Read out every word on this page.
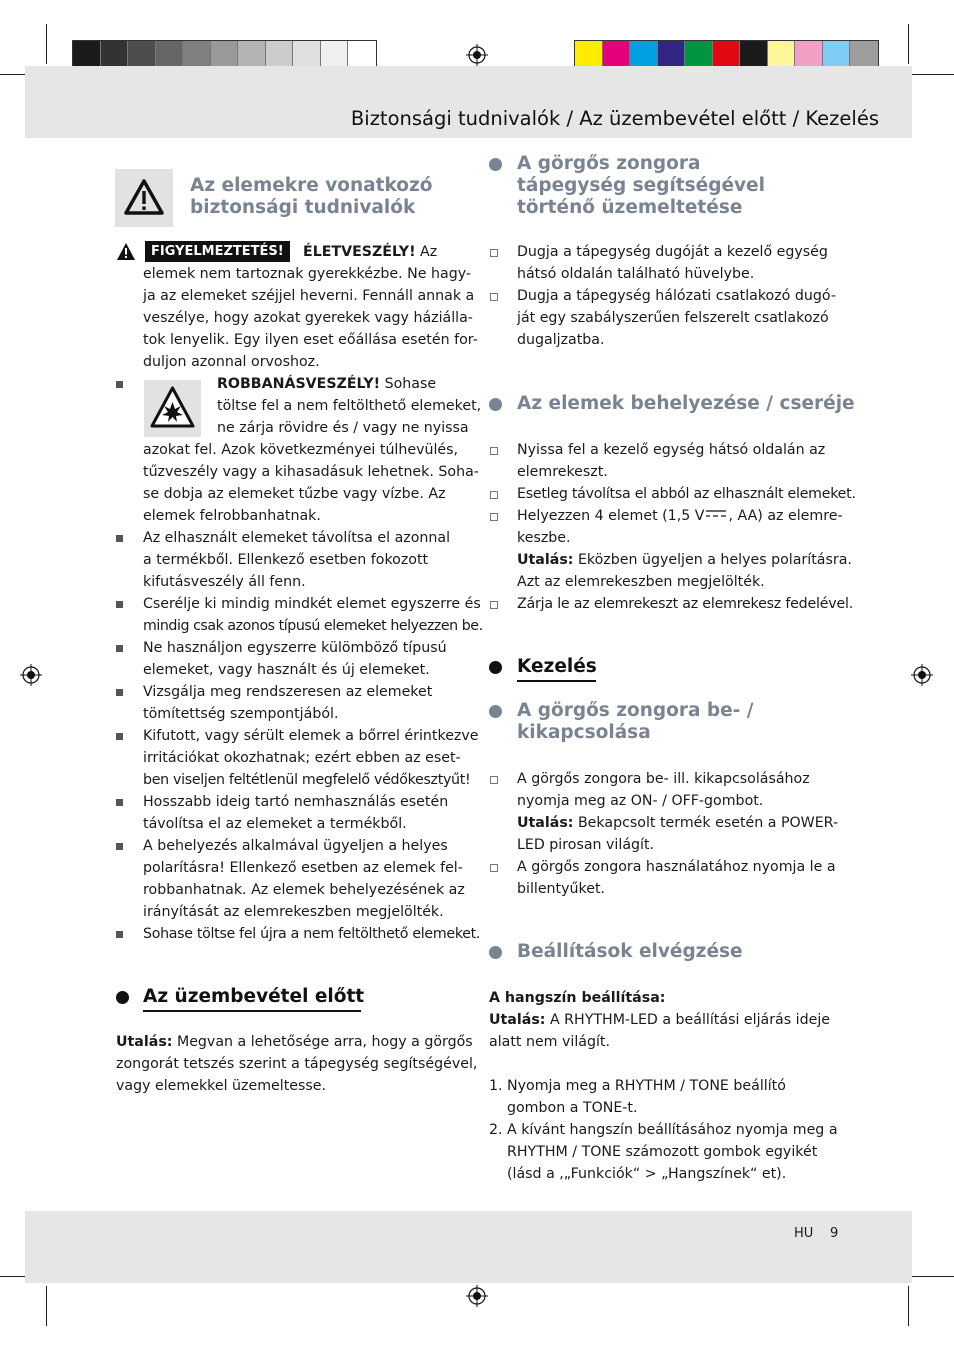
Biztonsági tudnivalók / Az üzembevétel előtt / Kezelés
Az elemekre vonatkozó
biztonsági tudnivalók
FIGYELMEZTETÉS!	ÉLETVESZÉLY! Az
elemek nem tartoznak gyerekkézbe. Ne hagy-
ja az elemeket széjjel heverni. Fennáll annak a
veszélye, hogy azokat gyerekek vagy háziálla-
tok lenyelik. Egy ilyen eset eőállása esetén for-
duljon azonnal orvoshoz.
ROBBANÁSVESZÉLY! Sohase
töltse fel a nem feltölthető elemeket,
ne zárja rövidre és / vagy ne nyissa
azokat fel. Azok következményei túlhevülés,
tűzveszély vagy a kihasadásuk lehetnek. Soha-
se dobja az elemeket tűzbe vagy vízbe. Az
elemek felrobbanhatnak.
Az elhasznált elemeket távolítsa el azonnal
a termékből. Ellenkező esetben fokozott
kifutásveszély áll fenn.
Cserélje ki mindig mindkét elemet egyszerre és
mindig csak azonos típusú elemeket helyezzen be.
Ne használjon egyszerre külömböző típusú
elemeket, vagy használt és új elemeket.
Vizsgálja meg rendszeresen az elemeket
tömítettség szempontjából.
Kifutott, vagy sérült elemek a bőrrel érintkezve
irritációkat okozhatnak; ezért ebben az eset-
ben viseljen feltétlenül megfelelő védőkesztyűt!
Hosszabb ideig tartó nemhasználás esetén
távolítsa el az elemeket a termékből.
A behelyezés alkalmával ügyeljen a helyes
polarításra! Ellenkező esetben az elemek fel-
robbanhatnak. Az elemek behelyezésének az
irányítását az elemrekeszben megjelölték.
Sohase töltse fel újra a nem feltölthető elemeket.
Az üzembevétel előtt
Utalás: Megvan a lehetősége arra, hogy a görgős
zongorát tetszés szerint a tápegység segítségével,
vagy elemekkel üzemeltesse.
A görgős zongora
tápegység segítségével
történő üzemeltetése
Dugja a tápegység dugóját a kezelő egység
hátsó oldalán található hüvelybe.
Dugja a tápegység hálózati csatlakozó dugó-
ját egy szabályszerűen felszerelt csatlakozó
dugaljzatba.
Az elemek behelyezése / cseréje
Nyissa fel a kezelő egység hátsó oldalán az
elemrekeszt.
Esetleg távolítsa el abból az elhasznált elemeket.
Helyezzen 4 elemet (1,5 V , AA) az elemre-
keszbe.
Utalás: Eközben ügyeljen a helyes polarításra.
Azt az elemrekeszben megjelölték.
Zárja le az elemrekeszt az elemrekesz fedelével.
Kezelés
A görgős zongora be- /
kikapcsolása
A görgős zongora be- ill. kikapcsolásához
nyomja meg az ON- / OFF-gombot.
Utalás: Bekapcsolt termék esetén a POWER-
LED pirosan világít.
A görgős zongora használatához nyomja le a
billentyűket.
Beállítások elvégzése
A hangszín beállítása:
Utalás: A RHYTHM-LED a beállítási eljárás ideje
alatt nem világít.
1. Nyomja meg a RHYTHM / TONE beállító
gombon a TONE-t.
2. A kívánt hangszín beállításához nyomja meg a
RHYTHM / TONE számozott gombok egyikét
(lásd a ,„Funkciók“ > „Hangszínek“ et).
HU 9
